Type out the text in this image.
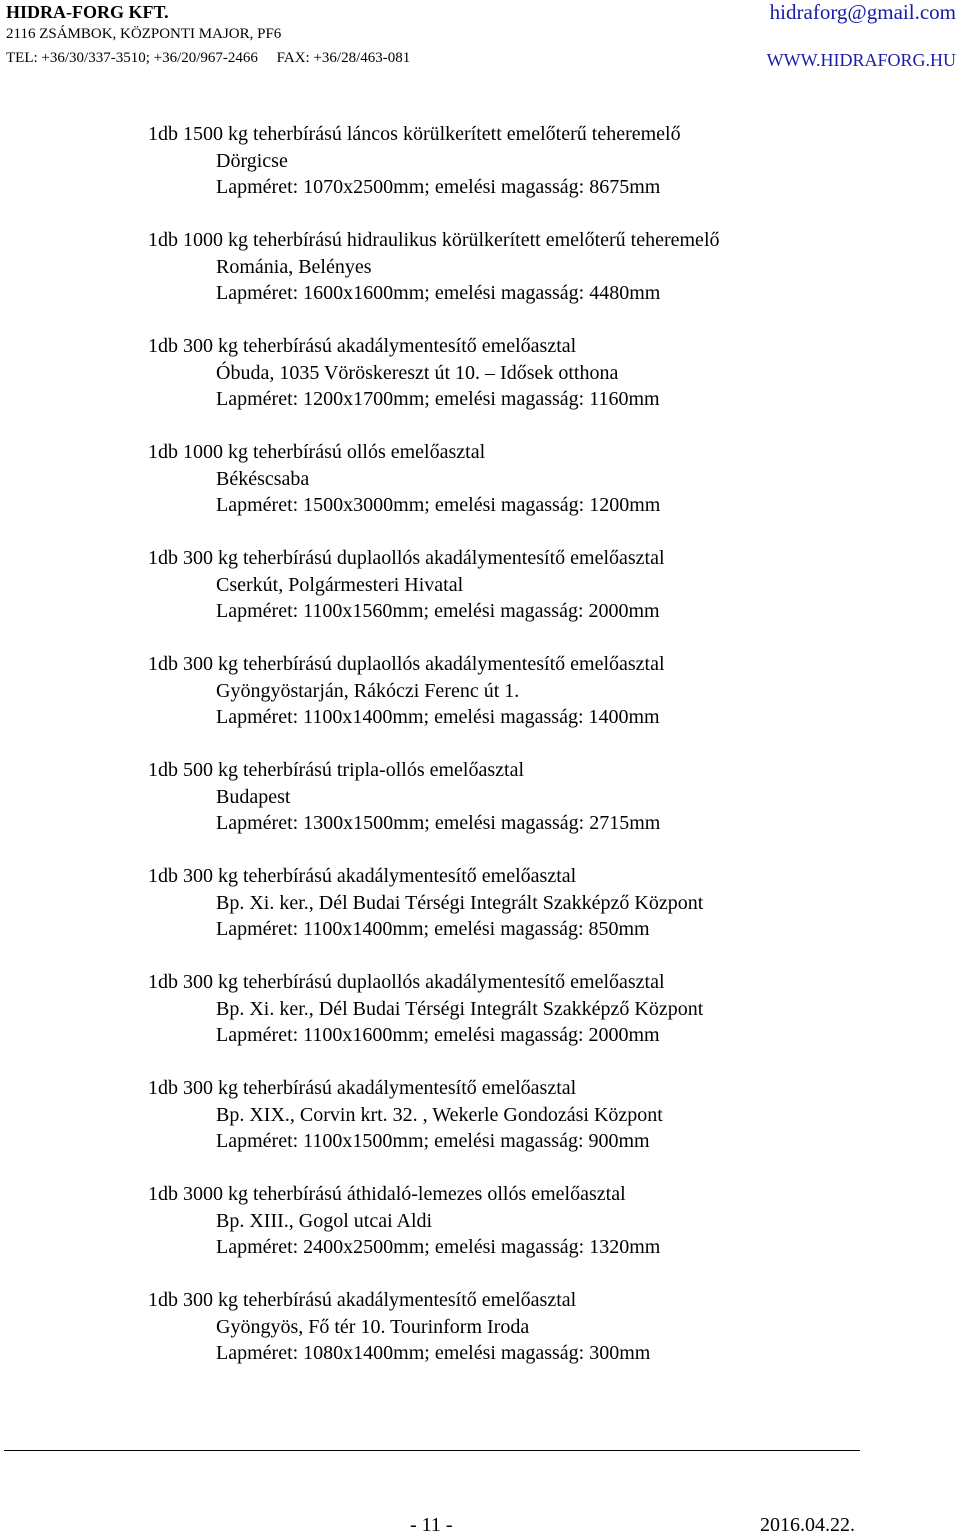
HIDRA-FORG KFT.
2116 ZSÁMBOK, KÖZPONTI MAJOR, PF6
TEL: +36/30/337-3510; +36/20/967-2466     FAX: +36/28/463-081
hidraforg@gmail.com
WWW.HIDRAFORG.HU
1db 1500 kg teherbírású láncos körülkerített emelőterű teheremelő
Dörgicse
Lapméret: 1070x2500mm; emelési magasság: 8675mm
1db 1000 kg teherbírású hidraulikus körülkerített emelőterű teheremelő
Románia, Belényes
Lapméret: 1600x1600mm; emelési magasság: 4480mm
1db 300 kg teherbírású akadálymentesítő emelőasztal
Óbuda, 1035 Vöröskereszt út 10. – Idősek otthona
Lapméret: 1200x1700mm; emelési magasság: 1160mm
1db 1000 kg teherbírású ollós emelőasztal
Békéscsaba
Lapméret: 1500x3000mm; emelési magasság: 1200mm
1db 300 kg teherbírású duplaollós akadálymentesítő emelőasztal
Cserkút, Polgármesteri Hivatal
Lapméret: 1100x1560mm; emelési magasság: 2000mm
1db 300 kg teherbírású duplaollós akadálymentesítő emelőasztal
Gyöngyöstarján, Rákóczi Ferenc út 1.
Lapméret: 1100x1400mm; emelési magasság: 1400mm
1db 500 kg teherbírású tripla-ollós emelőasztal
Budapest
Lapméret: 1300x1500mm; emelési magasság: 2715mm
1db 300 kg teherbírású akadálymentesítő emelőasztal
Bp. Xi. ker., Dél Budai Térségi Integrált Szakképző Központ
Lapméret: 1100x1400mm; emelési magasság: 850mm
1db 300 kg teherbírású duplaollós akadálymentesítő emelőasztal
Bp. Xi. ker., Dél Budai Térségi Integrált Szakképző Központ
Lapméret: 1100x1600mm; emelési magasság: 2000mm
1db 300 kg teherbírású akadálymentesítő emelőasztal
Bp. XIX., Corvin krt. 32. , Wekerle Gondozási Központ
Lapméret: 1100x1500mm; emelési magasság: 900mm
1db 3000 kg teherbírású áthidaló-lemezes ollós emelőasztal
Bp. XIII., Gogol utcai Aldi
Lapméret: 2400x2500mm; emelési magasság: 1320mm
1db 300 kg teherbírású akadálymentesítő emelőasztal
Gyöngyös, Fő tér 10. Tourinform Iroda
Lapméret: 1080x1400mm; emelési magasság: 300mm
- 11 -	2016.04.22.
